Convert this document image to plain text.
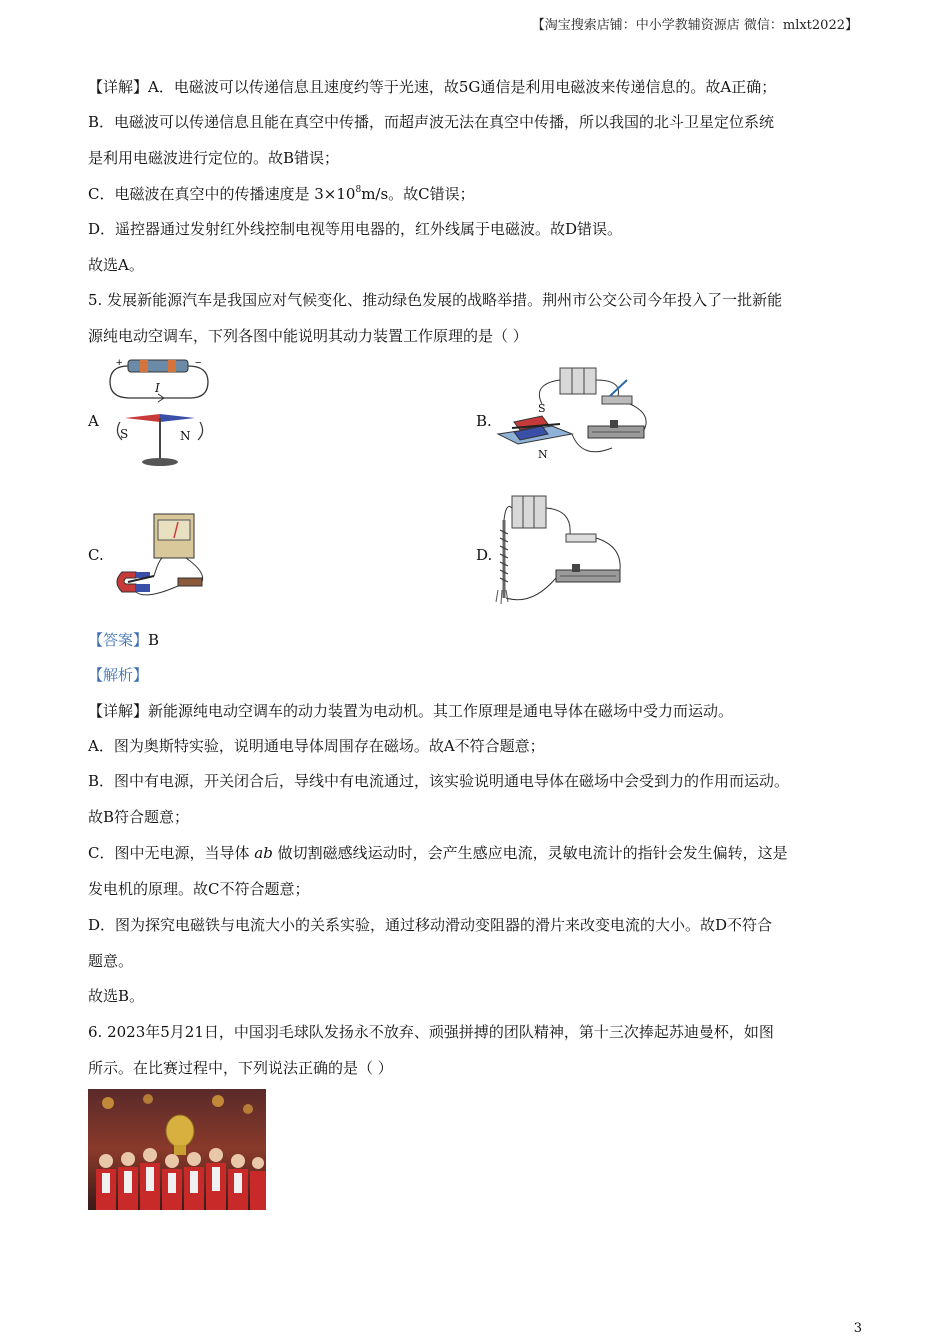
【淘宝搜索店铺：中小学教辅资源店 微信：mlxt2022】
【详解】A．电磁波可以传递信息且速度约等于光速，故5G通信是利用电磁波来传递信息的。故A正确；
B．电磁波可以传递信息且能在真空中传播，而超声波无法在真空中传播，所以我国的北斗卫星定位系统
是利用电磁波进行定位的。故B错误；
C．电磁波在真空中的传播速度是 $3\times 10^8m/s$。故C错误；
D．遥控器通过发射红外线控制电视等用电器的，红外线属于电磁波。故D错误。
故选A。
5. 发展新能源汽车是我国应对气候变化、推动绿色发展的战略举措。荆州市公交公司今年投入了一批新能
源纯电动空调车，下列各图中能说明其动力装置工作原理的是（ ）
A
+	−
I
S	N
B.
S
N
C.	D.
【答案】B
【解析】
【详解】新能源纯电动空调车的动力装置为电动机。其工作原理是通电导体在磁场中受力而运动。
A．图为奥斯特实验，说明通电导体周围存在磁场。故A不符合题意；
B．图中有电源，开关闭合后，导线中有电流通过，该实验说明通电导体在磁场中会受到力的作用而运动。
故B符合题意；
C．图中无电源，当导体 ab 做切割磁感线运动时，会产生感应电流，灵敏电流计的指针会发生偏转，这是
发电机的原理。故C不符合题意；
D．图为探究电磁铁与电流大小的关系实验，通过移动滑动变阻器的滑片来改变电流的大小。故D不符合
题意。
故选B。
6. 2023年5月21日，中国羽毛球队发扬永不放弃、顽强拼搏的团队精神，第十三次捧起苏迪曼杯，如图
所示。在比赛过程中，下列说法正确的是（ ）
3
